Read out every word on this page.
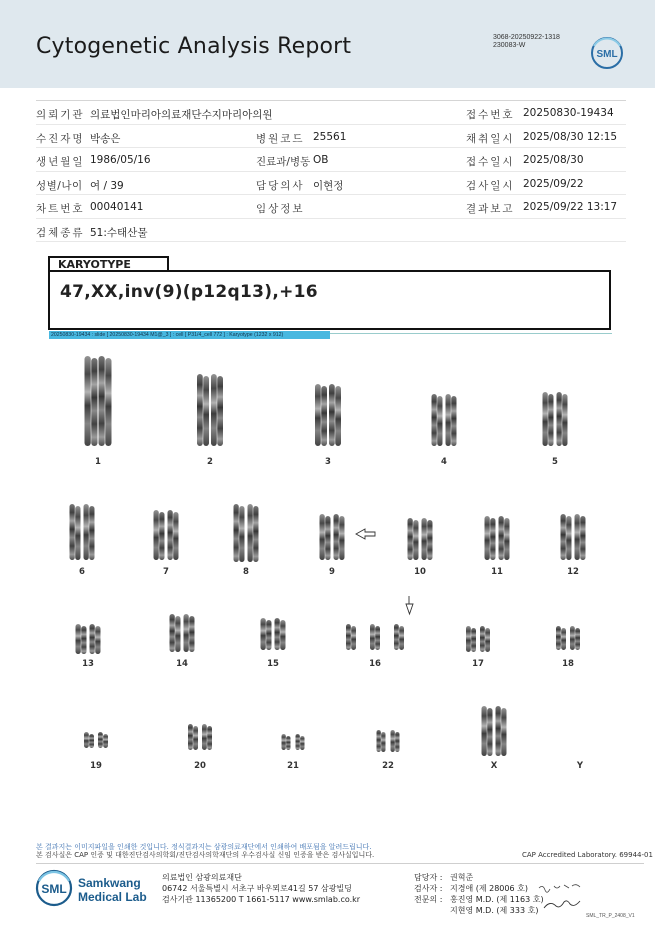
Cytogenetic Analysis Report	3068-20250922-1318
230083-W
SML
의뢰기관 의료법인마리아의료재단수지마리아의원	접수번호 20250830-19434
수진자명 박송은	병원코드 25561	채취일시 2025/08/30 12:15
생년월일 1986/05/16	진료과/병동 OB	접수일시 2025/08/30
성별/나이 여 / 39	담당의사 이현정	검사일시 2025/09/22
차트번호 00040141	임상정보	결과보고 2025/09/22 13:17
검체종류 51:수태산물
KARYOTYPE
47,XX,inv(9)(p12q13),+16
20250830-19434 : slide [ 20250830-19434 M1@_3 ] : cell [ P31/4_cell 772 ] : Karyotype (1232 x 912)
1	2	3	4	5
6	7	8	9	10	11	12
13	14	15	16	17	18
19	20	21	22	X	Y
본 결과지는 이미지파일을 인쇄한 것입니다. 정식결과지는 삼광의료재단에서 인쇄하여 배포됨을 알려드립니다.
본 검사실은 CAP 인증 및 대한진단검사의학회/진단검사의학재단의 우수검사실 신임 인증을 받은 검사실입니다.	CAP Accredited Laboratory. 69944-01
SML Samkwang
Medical Lab
의료법인 삼광의료재단
06742 서울특별시 서초구 바우뫼로41길 57 삼광빌딩
검사기관 11365200 T 1661-5117 www.smlab.co.kr
담당자 : 권혁준
검사자 : 지경애 (제 28006 호)
전문의 : 홍진영 M.D. (제 1163 호)
지현영 M.D. (제 333 호)
SML_TR_P_2408_V1
